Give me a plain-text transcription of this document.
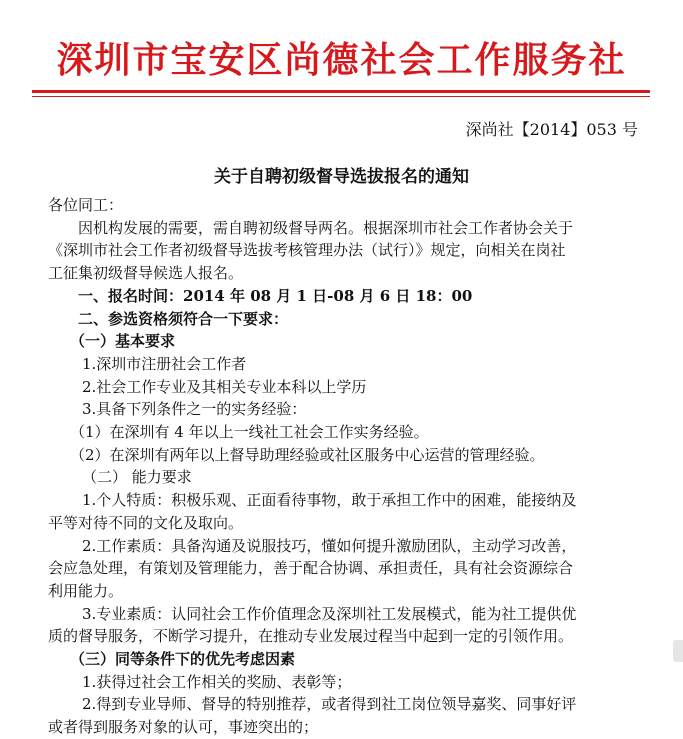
深圳市宝安区尚德社会工作服务社
深尚社【2014】053 号
关于自聘初级督导选拔报名的通知

各位同工：

因机构发展的需要，需自聘初级督导两名。根据深圳市社会工作者协会关于

《深圳市社会工作者初级督导选拔考核管理办法（试行）》规定，向相关在岗社

工征集初级督导候选人报名。

一、报名时间：2014 年 08 月 1 日-08 月 6 日 18：00

二、参选资格须符合一下要求：

（一）基本要求

1.深圳市注册社会工作者

2.社会工作专业及其相关专业本科以上学历

3.具备下列条件之一的实务经验：

（1）在深圳有 4 年以上一线社工社会工作实务经验。

（2）在深圳有两年以上督导助理经验或社区服务中心运营的管理经验。

（二） 能力要求

1.个人特质：积极乐观、正面看待事物，敢于承担工作中的困难，能接纳及

平等对待不同的文化及取向。

2.工作素质：具备沟通及说服技巧，懂如何提升激励团队，主动学习改善，

会应急处理，有策划及管理能力，善于配合协调、承担责任，具有社会资源综合

利用能力。

3.专业素质：认同社会工作价值理念及深圳社工发展模式，能为社工提供优

质的督导服务，不断学习提升，在推动专业发展过程当中起到一定的引领作用。

（三）同等条件下的优先考虑因素

1.获得过社会工作相关的奖励、表彰等；

2.得到专业导师、督导的特别推荐，或者得到社工岗位领导嘉奖、同事好评

或者得到服务对象的认可，事迹突出的；
